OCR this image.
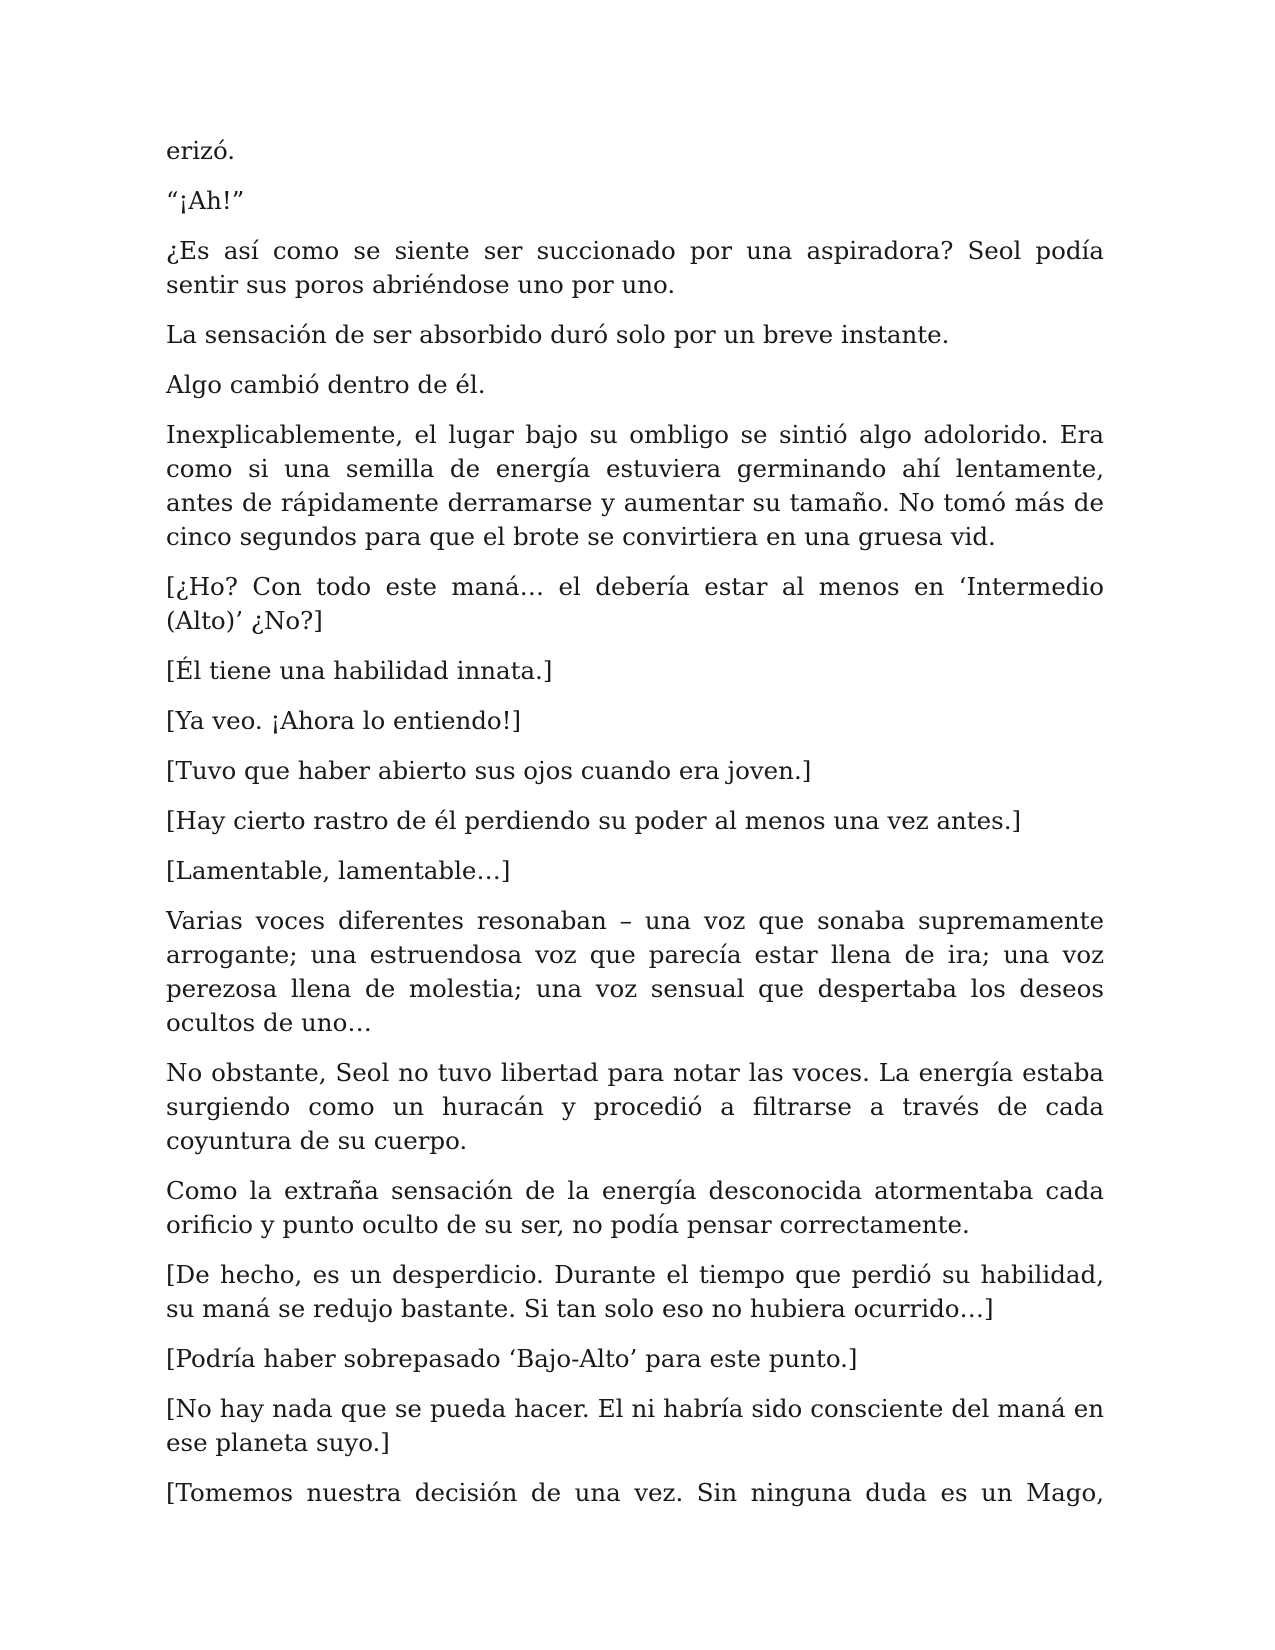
erizó.

“¡Ah!”

¿Es así como se siente ser succionado por una aspiradora? Seol podía sentir sus poros abriéndose uno por uno.

La sensación de ser absorbido duró solo por un breve instante.

Algo cambió dentro de él.

Inexplicablemente, el lugar bajo su ombligo se sintió algo adolorido. Era como si una semilla de energía estuviera germinando ahí lentamente, antes de rápidamente derramarse y aumentar su tamaño. No tomó más de cinco segundos para que el brote se convirtiera en una gruesa vid.

[¿Ho? Con todo este maná… el debería estar al menos en ‘Intermedio (Alto)’ ¿No?]

[Él tiene una habilidad innata.]

[Ya veo. ¡Ahora lo entiendo!]

[Tuvo que haber abierto sus ojos cuando era joven.]

[Hay cierto rastro de él perdiendo su poder al menos una vez antes.]

[Lamentable, lamentable…]

Varias voces diferentes resonaban – una voz que sonaba supremamente arrogante; una estruendosa voz que parecía estar llena de ira; una voz perezosa llena de molestia; una voz sensual que despertaba los deseos ocultos de uno…

No obstante, Seol no tuvo libertad para notar las voces. La energía estaba surgiendo como un huracán y procedió a filtrarse a través de cada coyuntura de su cuerpo.

Como la extraña sensación de la energía desconocida atormentaba cada orificio y punto oculto de su ser, no podía pensar correctamente.

[De hecho, es un desperdicio. Durante el tiempo que perdió su habilidad, su maná se redujo bastante. Si tan solo eso no hubiera ocurrido…]

[Podría haber sobrepasado ‘Bajo-Alto’ para este punto.]

[No hay nada que se pueda hacer. El ni habría sido consciente del maná en ese planeta suyo.]

[Tomemos nuestra decisión de una vez. Sin ninguna duda es un Mago,
